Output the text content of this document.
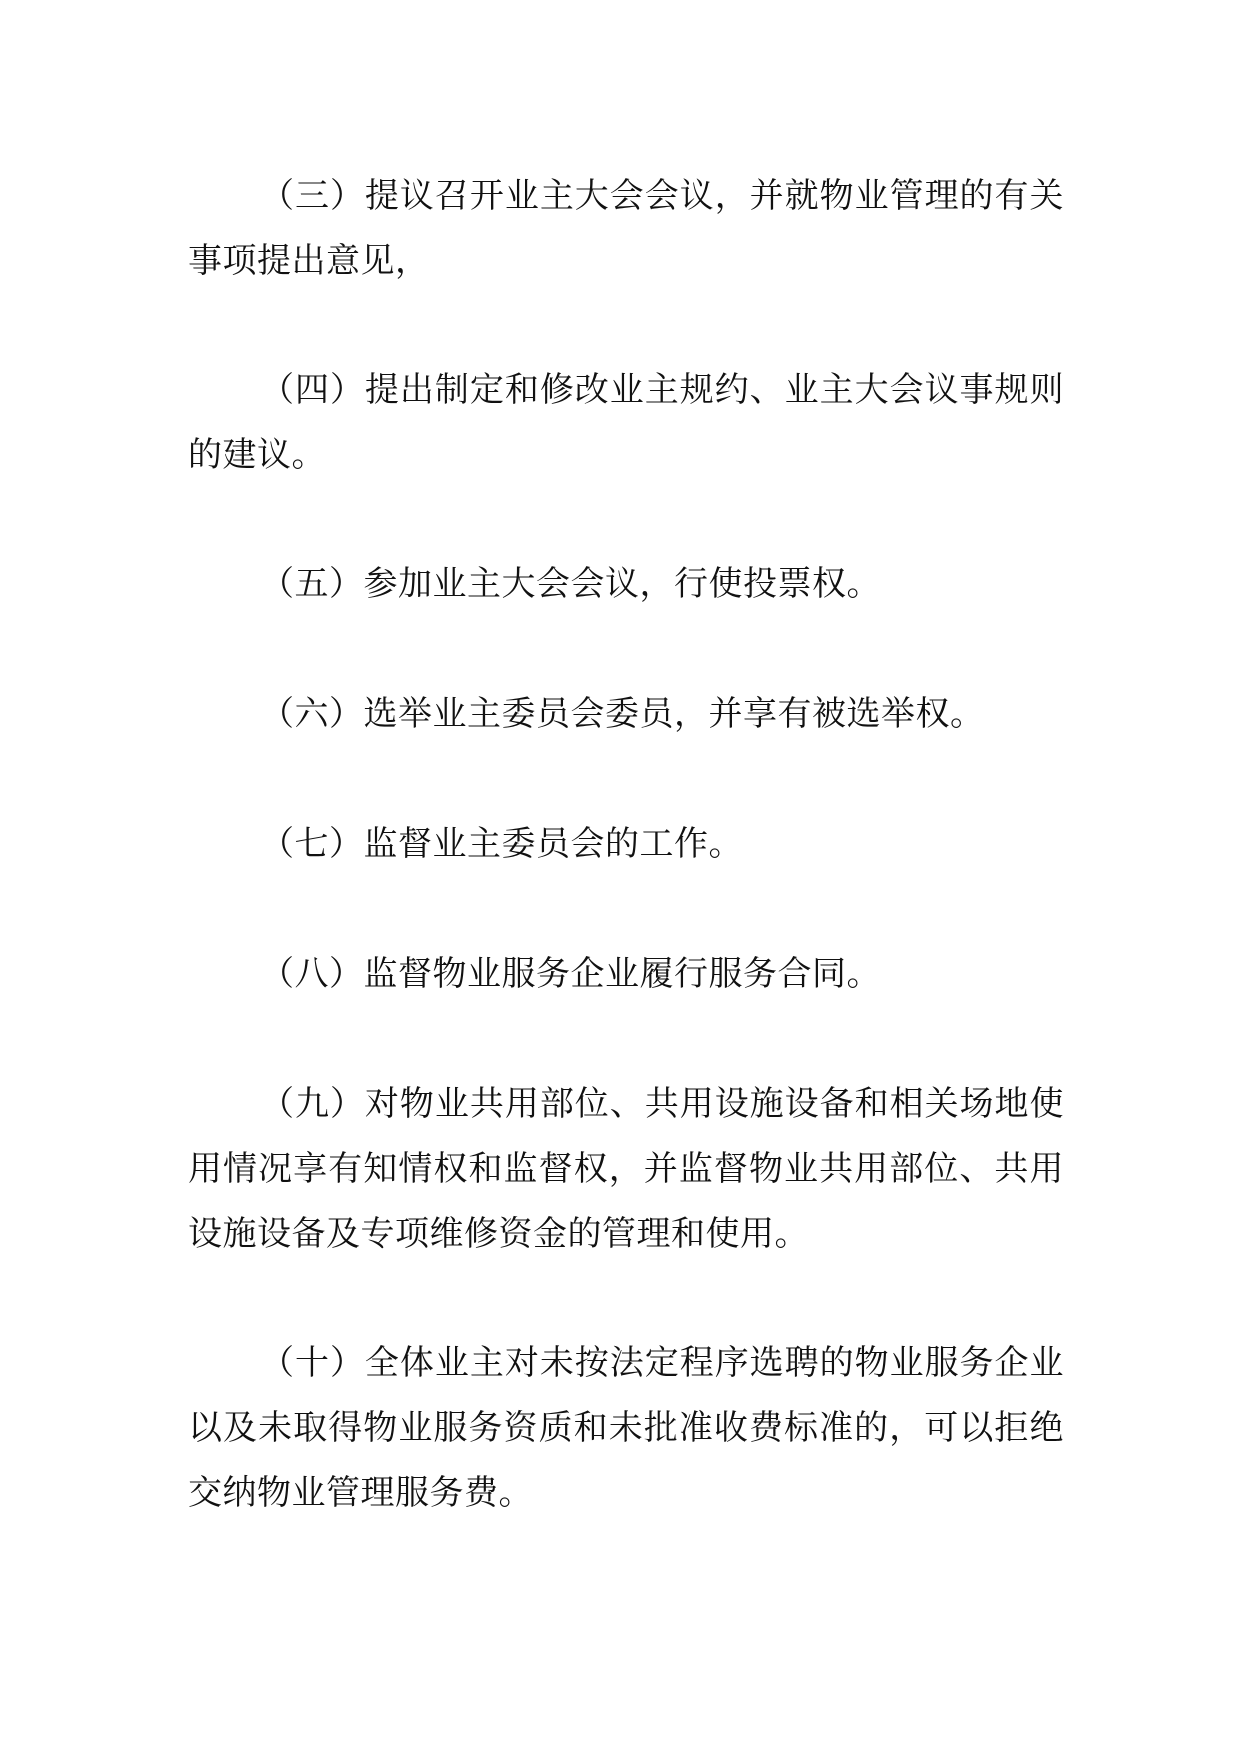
（三）提议召开业主大会会议，并就物业管理的有关事项提出意见，

（四）提出制定和修改业主规约、业主大会议事规则的建议。

（五）参加业主大会会议，行使投票权。

（六）选举业主委员会委员，并享有被选举权。

（七）监督业主委员会的工作。

（八）监督物业服务企业履行服务合同。

（九）对物业共用部位、共用设施设备和相关场地使用情况享有知情权和监督权，并监督物业共用部位、共用设施设备及专项维修资金的管理和使用。

（十）全体业主对未按法定程序选聘的物业服务企业以及未取得物业服务资质和未批准收费标准的，可以拒绝交纳物业管理服务费。
